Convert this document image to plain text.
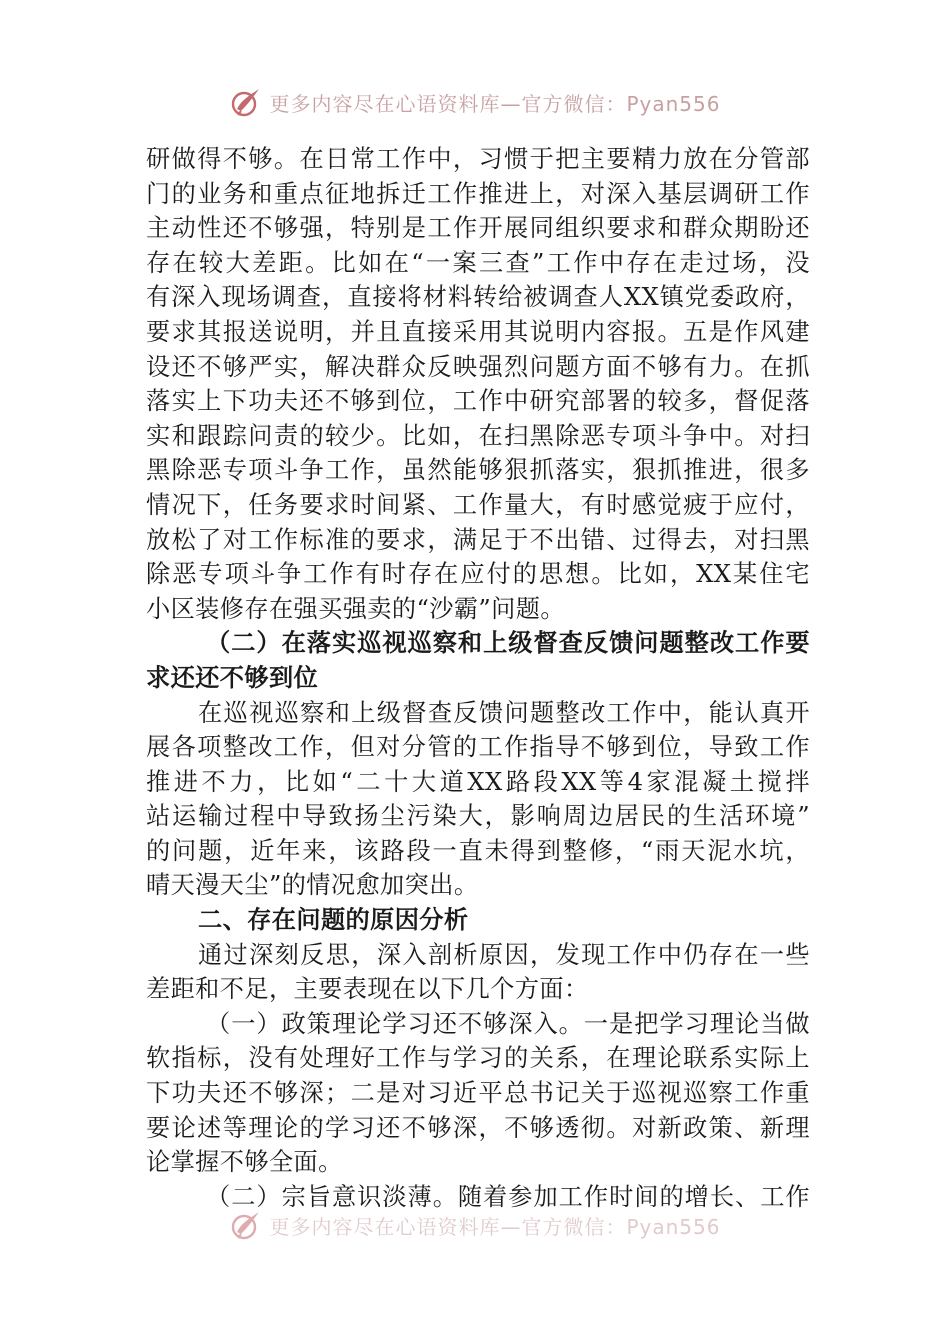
更多内容尽在心语资料库—官方微信：Pyan556
研做得不够。在日常工作中，习惯于把主要精力放在分管部
门的业务和重点征地拆迁工作推进上，对深入基层调研工作
主动性还不够强，特别是工作开展同组织要求和群众期盼还
存在较大差距。比如在“一案三查”工作中存在走过场，没
有深入现场调查，直接将材料转给被调查人XX镇党委政府，
要求其报送说明，并且直接采用其说明内容报。五是作风建
设还不够严实，解决群众反映强烈问题方面不够有力。在抓
落实上下功夫还不够到位，工作中研究部署的较多，督促落
实和跟踪问责的较少。比如，在扫黑除恶专项斗争中。对扫
黑除恶专项斗争工作，虽然能够狠抓落实，狠抓推进，很多
情况下，任务要求时间紧、工作量大，有时感觉疲于应付，
放松了对工作标准的要求，满足于不出错、过得去，对扫黑
除恶专项斗争工作有时存在应付的思想。比如，XX某住宅
小区装修存在强买强卖的“沙霸”问题。
（二）在落实巡视巡察和上级督查反馈问题整改工作要
求还还不够到位
在巡视巡察和上级督查反馈问题整改工作中，能认真开
展各项整改工作，但对分管的工作指导不够到位，导致工作
推进不力，比如“二十大道XX路段XX等4家混凝土搅拌
站运输过程中导致扬尘污染大，影响周边居民的生活环境”
的问题，近年来，该路段一直未得到整修，“雨天泥水坑，
晴天漫天尘”的情况愈加突出。
二、存在问题的原因分析
通过深刻反思，深入剖析原因，发现工作中仍存在一些
差距和不足，主要表现在以下几个方面：
（一）政策理论学习还不够深入。一是把学习理论当做
软指标，没有处理好工作与学习的关系，在理论联系实际上
下功夫还不够深；二是对习近平总书记关于巡视巡察工作重
要论述等理论的学习还不够深，不够透彻。对新政策、新理
论掌握不够全面。
（二）宗旨意识淡薄。随着参加工作时间的增长、工作
更多内容尽在心语资料库—官方微信：Pyan556
